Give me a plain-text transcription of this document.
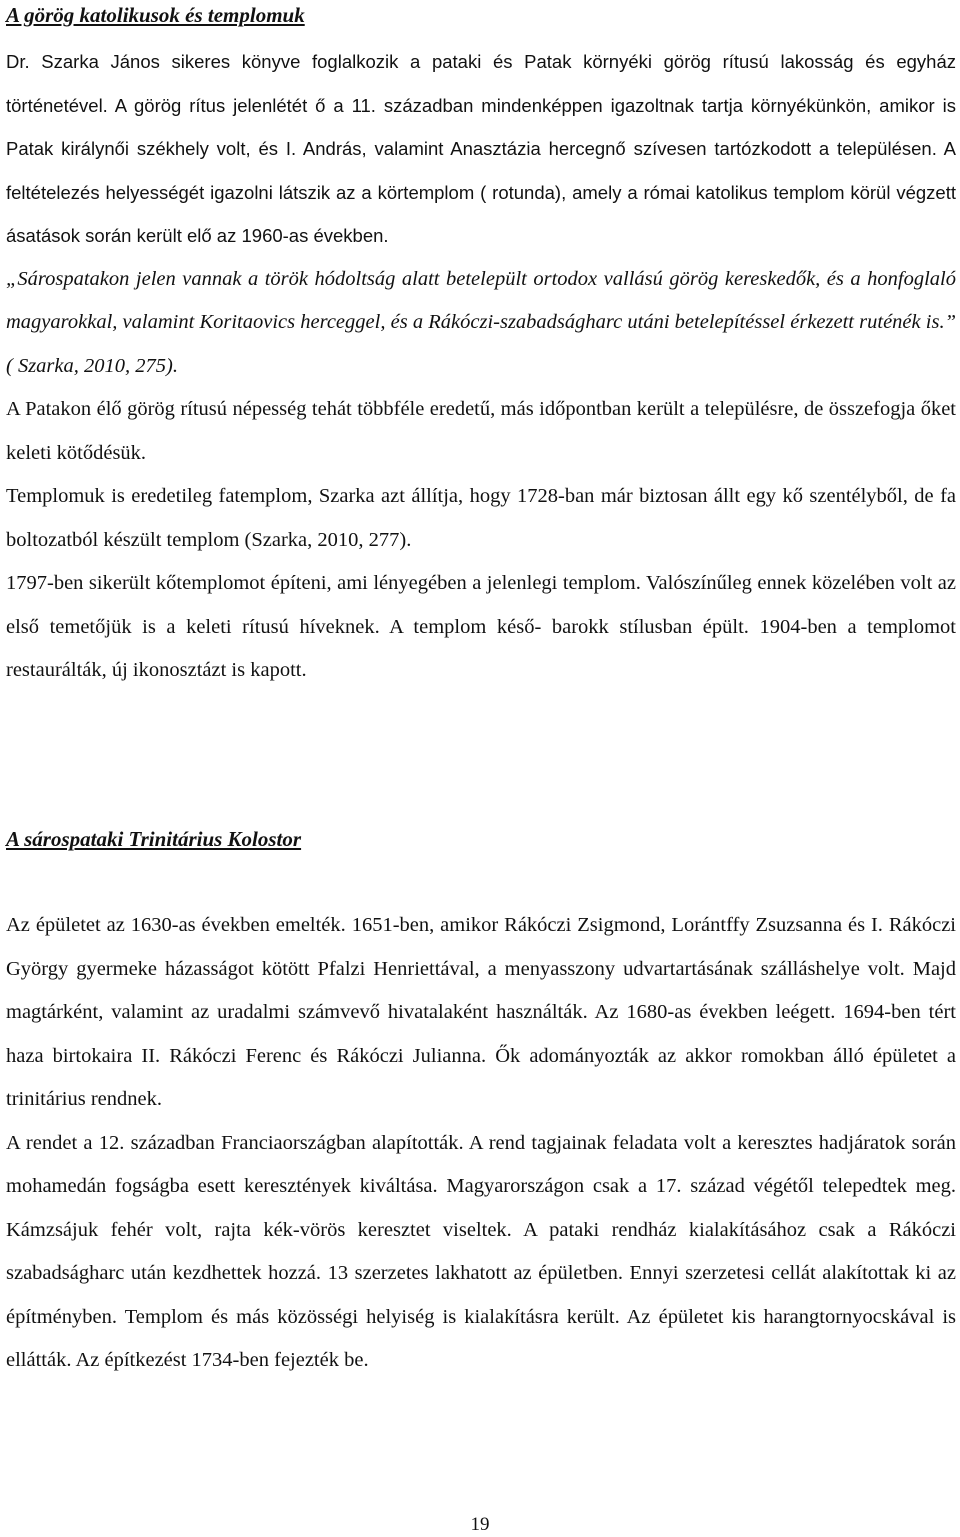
A görög katolikusok és templomuk

Dr. Szarka János sikeres könyve foglalkozik a pataki és Patak környéki görög rítusú lakosság és egyház történetével. A görög rítus jelenlétét ő a 11. században mindenképpen igazoltnak tartja környékünkön, amikor is Patak királynői székhely volt, és I. András, valamint Anasztázia hercegnő szívesen tartózkodott a településen. A feltételezés helyességét igazolni látszik az a körtemplom ( rotunda), amely a római katolikus templom körül végzett ásatások során került elő az 1960-as években.

„Sárospatakon jelen vannak a török hódoltság alatt betelepült ortodox vallású görög kereskedők, és a honfoglaló magyarokkal, valamint Koritaovics herceggel, és a Rákóczi-szabadságharc utáni betelepítéssel érkezett ruténék is.” ( Szarka, 2010, 275).

A Patakon élő görög rítusú népesség tehát többféle eredetű, más időpontban került a településre, de összefogja őket keleti kötődésük.

Templomuk is eredetileg fatemplom, Szarka azt állítja, hogy 1728-ban már biztosan állt egy kő szentélyből, de fa boltozatból készült templom (Szarka, 2010, 277).

1797-ben sikerült kőtemplomot építeni, ami lényegében a jelenlegi templom. Valószínűleg ennek közelében volt az első temetőjük is a keleti rítusú híveknek. A templom késő- barokk stílusban épült. 1904-ben a templomot restaurálták, új ikonosztázt is kapott.

A sárospataki Trinitárius Kolostor

Az épületet az 1630-as években emelték. 1651-ben, amikor Rákóczi Zsigmond, Lorántffy Zsuzsanna és I. Rákóczi György gyermeke házasságot kötött Pfalzi Henriettával, a menyasszony udvartartásának szálláshelye volt. Majd magtárként, valamint az uradalmi számvevő hivatalaként használták. Az 1680-as években leégett. 1694-ben tért haza birtokaira II. Rákóczi Ferenc és Rákóczi Julianna. Ők adományozták az akkor romokban álló épületet a trinitárius rendnek.

A rendet a 12. században Franciaországban alapították. A rend tagjainak feladata volt a keresztes hadjáratok során mohamedán fogságba esett keresztények kiváltása. Magyarországon csak a 17. század végétől telepedtek meg. Kámzsájuk fehér volt, rajta kék-vörös keresztet viseltek. A pataki rendház kialakításához csak a Rákóczi szabadságharc után kezdhettek hozzá. 13 szerzetes lakhatott az épületben. Ennyi szerzetesi cellát alakítottak ki az építményben. Templom és más közösségi helyiség is kialakításra került. Az épületet kis harangtornyocskával is ellátták. Az építkezést 1734-ben fejezték be.

19
